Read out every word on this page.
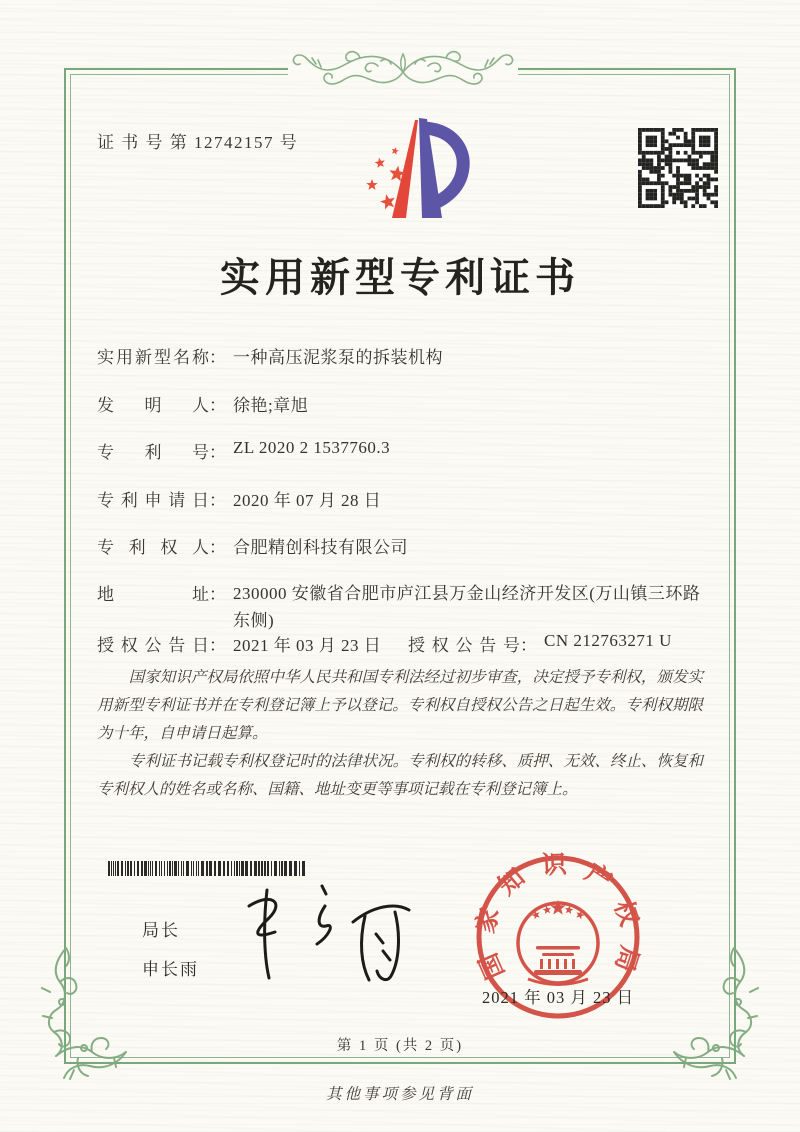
证 书 号 第 12742157 号
实用新型专利证书
实用新型名称： 一种高压泥浆泵的拆装机构
发明人： 徐艳;章旭
专利号： ZL 2020 2 1537760.3
专利申请日： 2020 年 07 月 28 日
专利权人： 合肥精创科技有限公司
地址： 230000 安徽省合肥市庐江县万金山经济开发区(万山镇三环路东侧)
授权公告日： 2021 年 03 月 23 日 授权公告号： CN 212763271 U

国家知识产权局依照中华人民共和国专利法经过初步审查，决定授予专利权，颁发实用新型专利证书并在专利登记簿上予以登记。专利权自授权公告之日起生效。专利权期限为十年，自申请日起算。

专利证书记载专利权登记时的法律状况。专利权的转移、质押、无效、终止、恢复和专利权人的姓名或名称、国籍、地址变更等事项记载在专利登记簿上。

局长
申长雨	国家知识产权局
2021 年 03 月 23 日
第 1 页 (共 2 页)
其他事项参见背面
